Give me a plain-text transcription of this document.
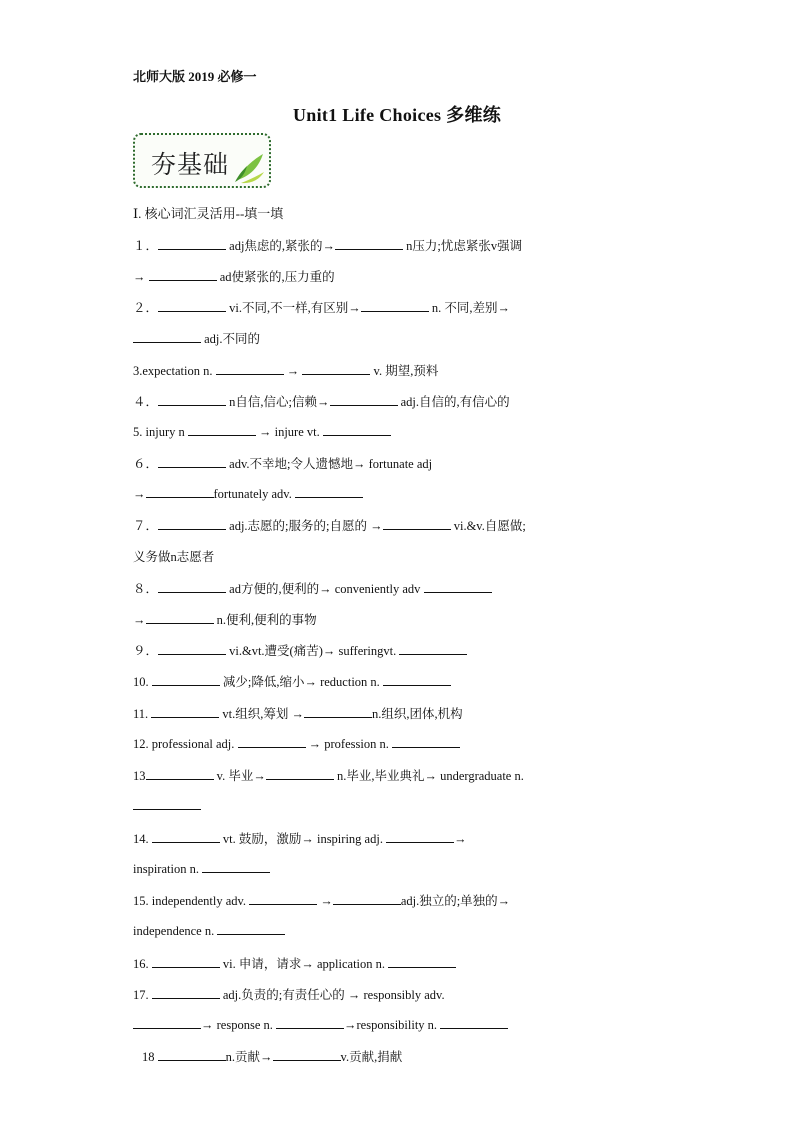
北师大版 2019 必修一
Unit1 Life Choices 多维练
夯基础
Ⅰ. 核心词汇灵活用--填一填
１．	adj焦虑的,紧张的→	n压力;忧虑紧张v强调
→	ad使紧张的,压力重的
２．	vi.不同,不一样,有区别→	n. 不同,差别→
adj.不同的
3.expectation n.	→	v. 期望,预料
４．	n自信,信心;信赖→	adj.自信的,有信心的
5. injury n	→ injure vt.
６．	adv.不幸地;令人遗憾地→ fortunate adj
→	fortunately adv.
７．	adj.志愿的;服务的;自愿的 →	vi.&v.自愿做;
义务做n志愿者
８．	ad方便的,便利的→ conveniently adv
→	n.便利,便利的事物
９．	vi.&vt.遭受(痛苦)→ sufferingvt.
10.	减少;降低,缩小→ reduction n.
11.	vt.组织,筹划 →	n.组织,团体,机构
12. professional adj.	→ profession n.
13	v. 毕业→	n.毕业,毕业典礼→ undergraduate n.
14.	vt. 鼓励，激励→ inspiring adj.	→
inspiration n.
15. independently adv.	→	adj.独立的;单独的→
independence n.
16.	vi. 申请，请求→ application n.
17.	adj.负责的;有责任心的 → responsibly adv.
→ response n.	→responsibility n.
18	n.贡献→	v.贡献,捐献
